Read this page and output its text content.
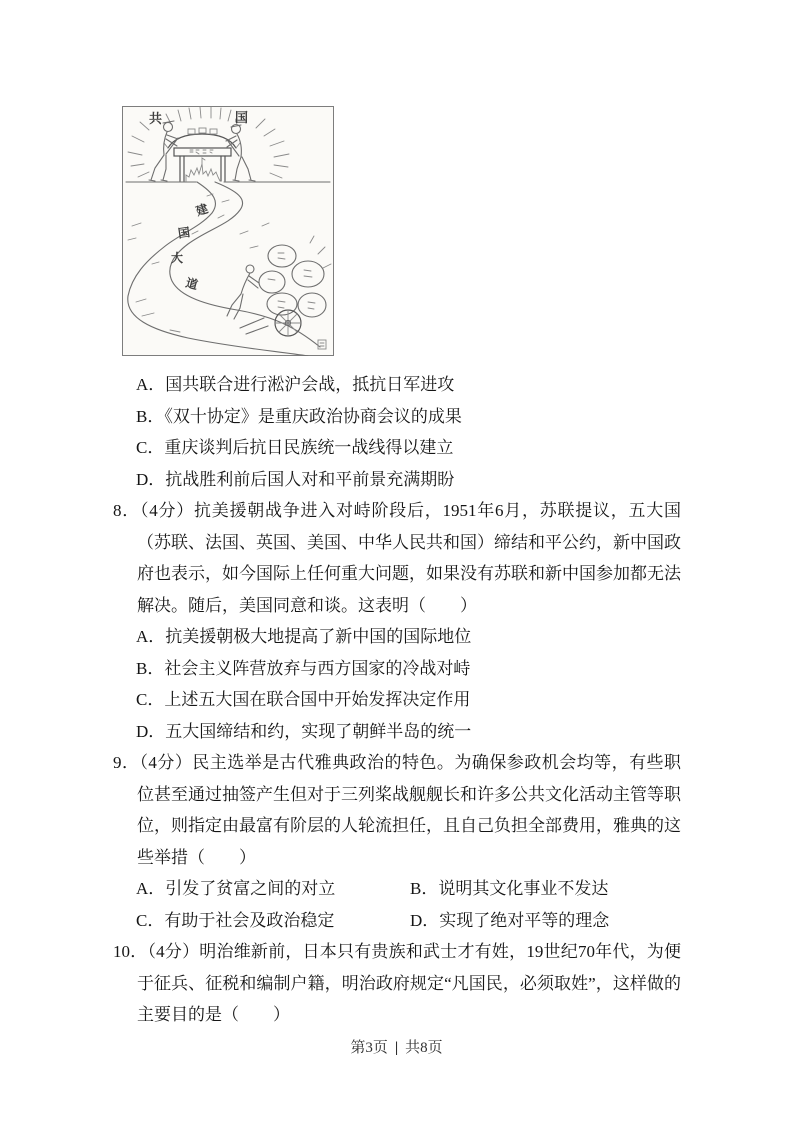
共	国
建
国
大
道
A．国共联合进行淞沪会战，抵抗日军进攻
B．《双十协定》是重庆政治协商会议的成果
C．重庆谈判后抗日民族统一战线得以建立
D．抗战胜利前后国人对和平前景充满期盼
8．（4分）抗美援朝战争进入对峙阶段后，1951年6月，苏联提议，五大国（苏联、法国、英国、美国、中华人民共和国）缔结和平公约，新中国政府也表示，如今国际上任何重大问题，如果没有苏联和新中国参加都无法解决。随后，美国同意和谈。这表明（　　）
A．抗美援朝极大地提高了新中国的国际地位
B．社会主义阵营放弃与西方国家的冷战对峙
C．上述五大国在联合国中开始发挥决定作用
D．五大国缔结和约，实现了朝鲜半岛的统一
9．（4分）民主选举是古代雅典政治的特色。为确保参政机会均等，有些职位甚至通过抽签产生但对于三列桨战舰舰长和许多公共文化活动主管等职位，则指定由最富有阶层的人轮流担任，且自己负担全部费用，雅典的这些举措（　　）
A．引发了贫富之间的对立	B．说明其文化事业不发达
C．有助于社会及政治稳定	D．实现了绝对平等的理念
10．（4分）明治维新前，日本只有贵族和武士才有姓，19世纪70年代，为便于征兵、征税和编制户籍，明治政府规定“凡国民，必须取姓”，这样做的主要目的是（　　）
第3页 | 共8页
